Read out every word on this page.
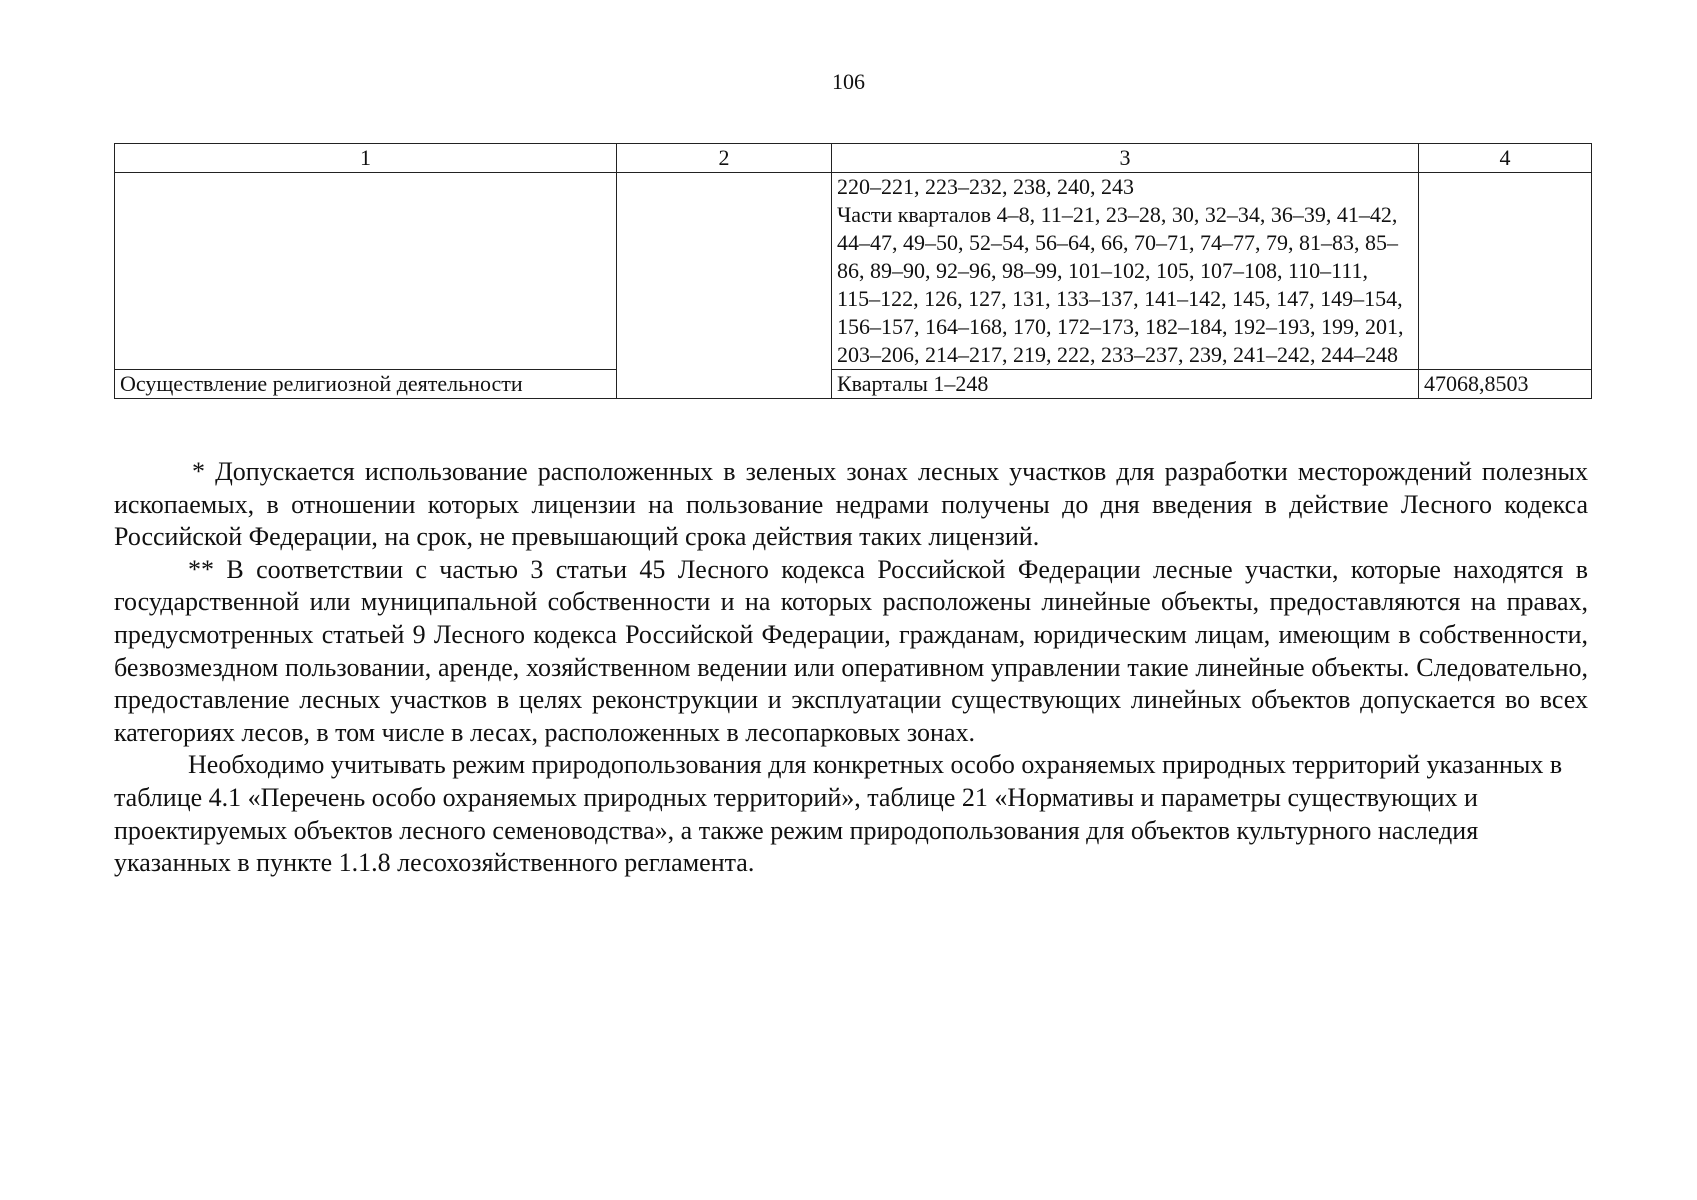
106
1	2	3	4
		220–221, 223–232, 238, 240, 243
Части кварталов 4–8, 11–21, 23–28, 30, 32–34, 36–39, 41–42, 44–47, 49–50, 52–54, 56–64, 66, 70–71, 74–77, 79, 81–83, 85–86, 89–90, 92–96, 98–99, 101–102, 105, 107–108, 110–111, 115–122, 126, 127, 131, 133–137, 141–142, 145, 147, 149–154, 156–157, 164–168, 170, 172–173, 182–184, 192–193, 199, 201, 203–206, 214–217, 219, 222, 233–237, 239, 241–242, 244–248	
Осуществление религиозной деятельности		Кварталы 1–248	47068,8503

* Допускается использование расположенных в зеленых зонах лесных участков для разработки месторождений полезных ископаемых, в отношении которых лицензии на пользование недрами получены до дня введения в действие Лесного кодекса Российской Федерации, на срок, не превышающий срока действия таких лицензий.

** В соответствии с частью 3 статьи 45 Лесного кодекса Российской Федерации лесные участки, которые находятся в государственной или муниципальной собственности и на которых расположены линейные объекты, предоставляются на правах, предусмотренных статьей 9 Лесного кодекса Российской Федерации, гражданам, юридическим лицам, имеющим в собственности, безвозмездном пользовании, аренде, хозяйственном ведении или оперативном управлении такие линейные объекты. Следовательно, предоставление лесных участков в целях реконструкции и эксплуатации существующих линейных объектов допускается во всех категориях лесов, в том числе в лесах, расположенных в лесопарковых зонах.

Необходимо учитывать режим природопользования для конкретных особо охраняемых природных территорий указанных в таблице 4.1 «Перечень особо охраняемых природных территорий», таблице 21 «Нормативы и параметры существующих и проектируемых объектов лесного семеноводства», а также режим природопользования для объектов культурного наследия указанных в пункте 1.1.8 лесохозяйственного регламента.
